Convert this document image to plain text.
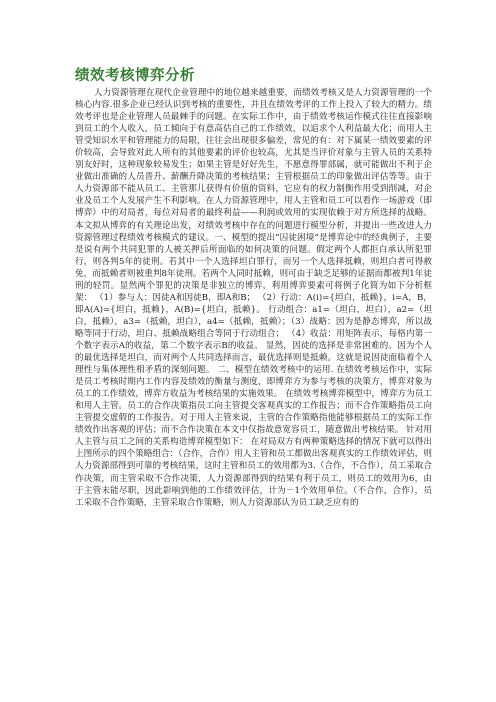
绩效考核博弈分析

人力资源管理在现代企业管理中的地位越来越重要，而绩效考核又是人力资源管理的一个核心内容.很多企业已经认识到考核的重要性，并且在绩效考评的工作上投入了较大的精力。绩效考评也是企业管理人员最棘手的问题。在实际工作中，由于绩效考核运作模式往往直接影响到员工的个人收入，员工倾向于有意高估自己的工作绩效，以追求个人利益最大化；而用人主管受知识水平和管理能力的局限，往往会出现很多偏差，常见的有：对下属某一绩效要素的评价较高，会导致对此人所有的其他要素的评价也较高，尤其是当评价对象与主管人员的关系特别友好时，这种现象较易发生；如果主管是好好先生，不愿意得罪部属，就可能做出不利于企业做出准确的人员晋升、薪酬升降决策的考核结果；主管根据员工的印象做出评估等等。由于人力资源部不能从员工、主管那儿获得有价值的资料，它应有的权力制衡作用受到削减，对企业及员工个人发展产生不利影响。在人力资源管理中，用人主管和员工可以看作一场游戏（即博弈）中的对局者，每位对局者的最终利益——利润或效用的实现依赖于对方所选择的战略。本文拟从博弈的有关理论出发，对绩效考核中存在的问题进行模型分析，并提出一些改进人力资源管理过程绩效考核模式的建议。一、模型的提出“囚徒困境”是博弈论中的经典例子，主要是说有两个共同犯罪的人被关押后所面临的如何决策的问题。假定两个人都拒白承认所犯罪行，则各判5年的徒刑。若其中一个人选择坦白罪行，而另一个人选择抵赖，则坦白者可得赦免，而抵赖者则被重判8年徒刑。若两个人同时抵赖，则可由于缺乏足够的证据而都被判1年徒刑的轻罚。显然两个罪犯的决策是非独立的博弈，利用博弈要素可将例子化简为如下分析框架： （1）参与人：因徒A和因徒B，即A和B； （2）行动：A(i)={坦白，抵赖}，i=A，B，即A(A)={坦白，抵赖}，A(B)={坦白，抵赖}。 行动组合：a1=（坦白，坦白），a2=（坦白，抵赖），a3=（抵赖，坦白），a4=（抵赖，抵赖）；（3）战略：因为是静态博弈，所以战略等同于行动，坦白、抵赖战略组合等同于行动组合； （4）收益：用矩阵表示，每格内第一个数字表示A的收益，第二个数字表示B的收益。 显然，因徒的选择是非常困难的。因为个人的最优选择是坦白，而对两个人共同选择而言，最优选择则是抵赖。这就是说因徒面临着个人理性与集体理性相矛盾的深刻问题。 二、模型在绩效考核中的运用. 在绩效考核运作中，实际是员工考核时期内工作内容及绩效的衡量与测度，即博弈方为参与考核的决策方，博弈对象为员工的工作绩效，博弈方收益为考核结果的实施效果。 在绩效考核博弈模型中，博弈方为员工和用人主管。员工的合作决策指员工向主管提交客观真实的工作报告；而不合作策略指员工向主管提交虚假的工作报告。对于用人主管来说，主管的合作策略指他能够根据员工的实际工作绩效作出客观的评估；而不合作决策在本文中仅指故意宽容员工，随意做出考核结果。 针对用人主管与员工之间的关系构造博弈模型如下： 在对局双方有两种策略选择的情况下就可以得出上图所示的四个策略组合：（合作，合作）用人主管和员工都做出客观真实的工作绩效评估，则人力资源部得到可靠的考核结果，这时主管和员工的效用都为3.（合作，不合作），员工采取合作决策，而主管采取不合作决策，人力资源部得到的结果有利于员工，则员工的效用为6，由于主管未能尽职，因此影响到他的工作绩效评估，计为－1个效用单位。（不合作，合作），员工采取不合作策略，主管采取合作策略，则人力资源部认为员工缺乏应有的
